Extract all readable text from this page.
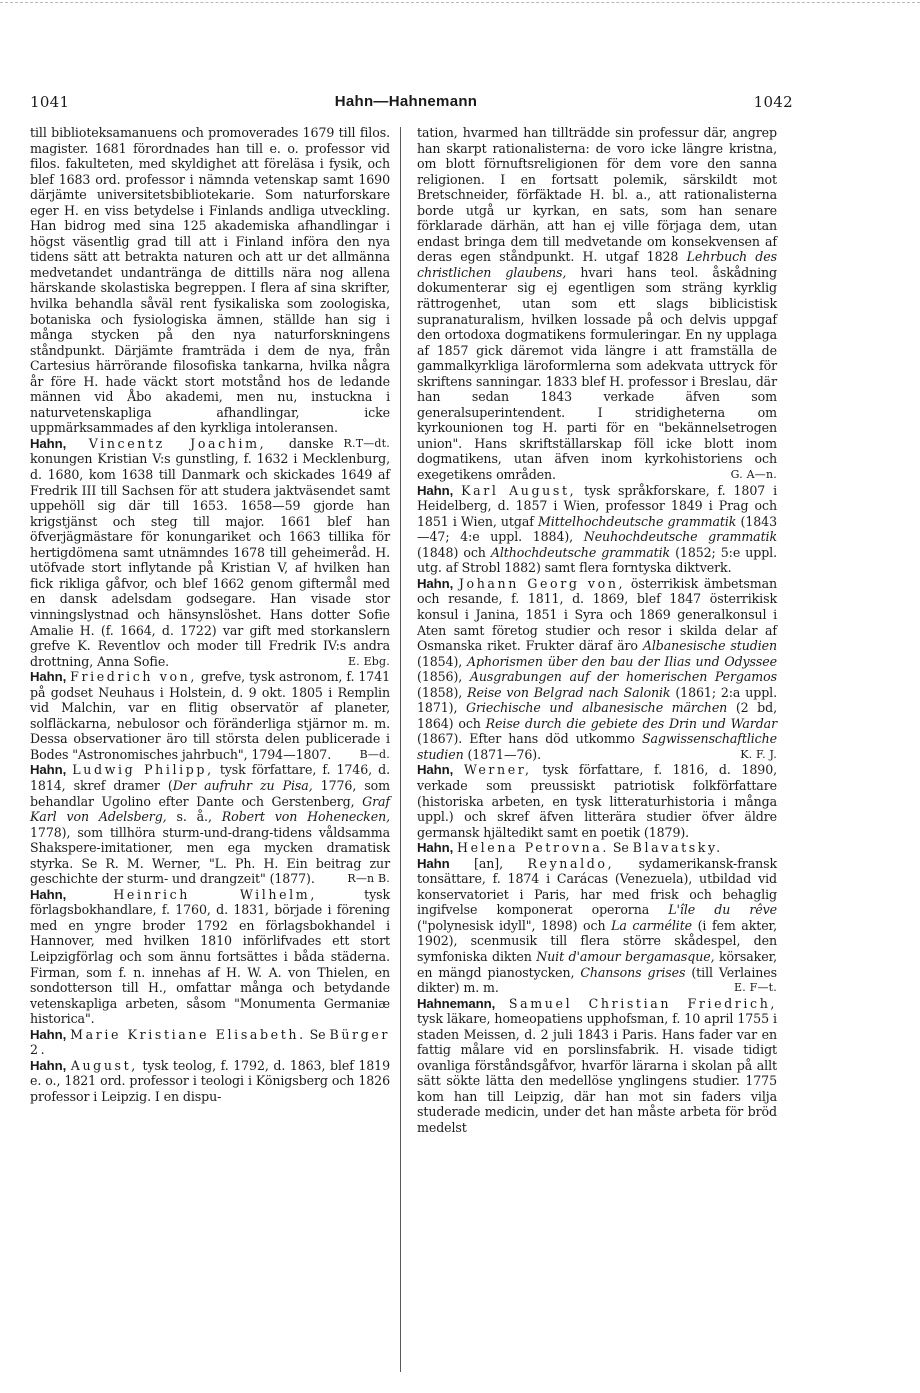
1041	Hahn—Hahnemann	1042

till biblioteksamanuens och promoverades 1679 till filos. magister. 1681 förordnades han till e. o. professor vid filos. fakulteten, med skyldighet att föreläsa i fysik, och blef 1683 ord. professor i nämnda vetenskap samt 1690 därjämte universitetsbibliotekarie. Som naturforskare eger H. en viss betydelse i Finlands andliga utveckling. Han bidrog med sina 125 akademiska afhandlingar i högst väsentlig grad till att i Finland införa den nya tidens sätt att betrakta naturen och att ur det allmänna medvetandet undantränga de dittills nära nog allena härskande skolastiska begreppen. I flera af sina skrifter, hvilka behandla såväl rent fysikaliska som zoologiska, botaniska och fysiologiska ämnen, ställde han sig i många stycken på den nya naturforskningens ståndpunkt. Därjämte framträda i dem de nya, från Cartesius härrörande filosofiska tankarna, hvilka några år före H. hade väckt stort motstånd hos de ledande männen vid Åbo akademi, men nu, instuckna i naturvetenskapliga afhandlingar, icke uppmärksammades af den kyrkliga intoleransen.
R.T—dt.

Hahn, Vincentz Joachim, danske konungen Kristian V:s gunstling, f. 1632 i Mecklenburg, d. 1680, kom 1638 till Danmark och skickades 1649 af Fredrik III till Sachsen för att studera jaktväsendet samt uppehöll sig där till 1653. 1658—59 gjorde han krigstjänst och steg till major. 1661 blef han öfverjägmästare för konungariket och 1663 tillika för hertigdömena samt utnämndes 1678 till geheimeråd. H. utöfvade stort inflytande på Kristian V, af hvilken han fick rikliga gåfvor, och blef 1662 genom giftermål med en dansk adelsdam godsegare. Han visade stor vinningslystnad och hänsynslöshet. Hans dotter Sofie Amalie H. (f. 1664, d. 1722) var gift med storkanslern grefve K. Reventlov och moder till Fredrik IV:s andra drottning, Anna Sofie.	E. Ebg.

Hahn, Friedrich von, grefve, tysk astronom, f. 1741 på godset Neuhaus i Holstein, d. 9 okt. 1805 i Remplin vid Malchin, var en flitig observatör af planeter, solfläckarna, nebulosor och föränderliga stjärnor m. m. Dessa observationer äro till största delen publicerade i Bodes "Astronomisches jahrbuch", 1794—1807.	B—d.

Hahn, Ludwig Philipp, tysk författare, f. 1746, d. 1814, skref dramer (Der aufruhr zu Pisa, 1776, som behandlar Ugolino efter Dante och Gerstenberg, Graf Karl von Adelsberg, s. å., Robert von Hohenecken, 1778), som tillhöra sturm-und-drang-tidens våldsamma Shakspere-imitationer, men ega mycken dramatisk styrka. Se R. M. Werner, "L. Ph. H. Ein beitrag zur geschichte der sturm- und drangzeit" (1877).	R—n B.

Hahn,	Heinrich Wilhelm,	tysk förlagsbokhandlare, f. 1760, d. 1831, började i förening med en yngre broder 1792 en förlagsbokhandel i Hannover, med hvilken 1810 införlifvades ett stort Leipzigförlag och som ännu fortsättes i båda städerna. Firman, som f. n. innehas af H. W. A. von Thielen, en sondotterson till H., omfattar många och betydande vetenskapliga arbeten, såsom "Monumenta Germaniæ historica".

Hahn, Marie Kristiane Elisabeth. Se Bürger 2.

Hahn, August, tysk teolog, f. 1792, d. 1863, blef 1819 e. o., 1821 ord. professor i teologi i Königsberg och 1826 professor i Leipzig. I en dispu-

tation, hvarmed han tillträdde sin professur där, angrep han skarpt rationalisterna: de voro icke längre kristna, om blott förnuftsreligionen för dem vore den sanna religionen. I en fortsatt polemik, särskildt mot Bretschneider, förfäktade H. bl. a., att rationalisterna borde utgå ur kyrkan, en sats, som han senare förklarade därhän, att han ej ville förjaga dem, utan endast bringa dem till medvetande om konsekvensen af deras egen ståndpunkt. H. utgaf 1828 Lehrbuch des christlichen glaubens, hvari hans teol. åskådning dokumenterar sig ej egentligen som sträng kyrklig rättrogenhet, utan som ett slags biblicistisk supranaturalism, hvilken lossade på och delvis uppgaf den ortodoxa dogmatikens formuleringar. En ny upplaga af 1857 gick däremot vida längre i att framställa de gammalkyrkliga läroformlerna som adekvata uttryck för skriftens sanningar. 1833 blef H. professor i Breslau, där han sedan 1843 verkade äfven som generalsuperintendent. I stridigheterna om kyrkounionen tog H. parti för en "bekännelsetrogen union". Hans skriftställarskap föll icke blott inom dogmatikens, utan äfven inom kyrkohistoriens och exegetikens områden.	G. A—n.

Hahn, Karl August, tysk språkforskare, f. 1807 i Heidelberg, d. 1857 i Wien, professor 1849 i Prag och 1851 i Wien, utgaf Mittelhochdeutsche grammatik (1843—47; 4:e uppl. 1884), Neuhochdeutsche grammatik (1848) och Althochdeutsche grammatik (1852; 5:e uppl. utg. af Strobl 1882) samt flera forntyska diktverk.

Hahn, Johann Georg von, österrikisk ämbetsman och resande, f. 1811, d. 1869, blef 1847 österrikisk konsul i Janina, 1851 i Syra och 1869 generalkonsul i Aten samt företog studier och resor i skilda delar af Osmanska riket. Frukter däraf äro Albanesische studien (1854), Aphorismen über den bau der Ilias und Odyssee (1856), Ausgrabungen auf der homerischen Pergamos (1858), Reise von Belgrad nach Salonik (1861; 2:a uppl. 1871), Griechische und albanesische märchen (2 bd, 1864) och Reise durch die gebiete des Drin und Wardar (1867). Efter hans död utkommo Sagwissenschaftliche studien (1871—76).	K. F. J.

Hahn, Werner, tysk författare, f. 1816, d. 1890, verkade som preussiskt patriotisk folkförfattare (historiska arbeten, en tysk litteraturhistoria i många uppl.) och skref äfven litterära studier öfver äldre germansk hjältedikt samt en poetik (1879).

Hahn, Helena Petrovna. Se Blavatsky.

Hahn [an], Reynaldo, sydamerikansk-fransk tonsättare, f. 1874 i Carácas (Venezuela), utbildad vid konservatoriet i Paris, har med frisk och behaglig ingifvelse komponerat operorna L'île du rêve ("polynesisk idyll", 1898) och La carmélite (i fem akter, 1902), scenmusik till flera större skådespel, den symfoniska dikten Nuit d'amour bergamasque, körsaker, en mängd pianostycken, Chansons grises (till Verlaines dikter) m. m.	E. F—t.

Hahnemann, Samuel Christian Friedrich, tysk läkare, homeopatiens upphofsman, f. 10 april 1755 i staden Meissen, d. 2 juli 1843 i Paris. Hans fader var en fattig målare vid en porslinsfabrik. H. visade tidigt ovanliga förståndsgåfvor, hvarför lärarna i skolan på allt sätt sökte lätta den medellöse ynglingens studier. 1775 kom han till Leipzig, där han mot sin faders vilja studerade medicin, under det han måste arbeta för bröd medelst
